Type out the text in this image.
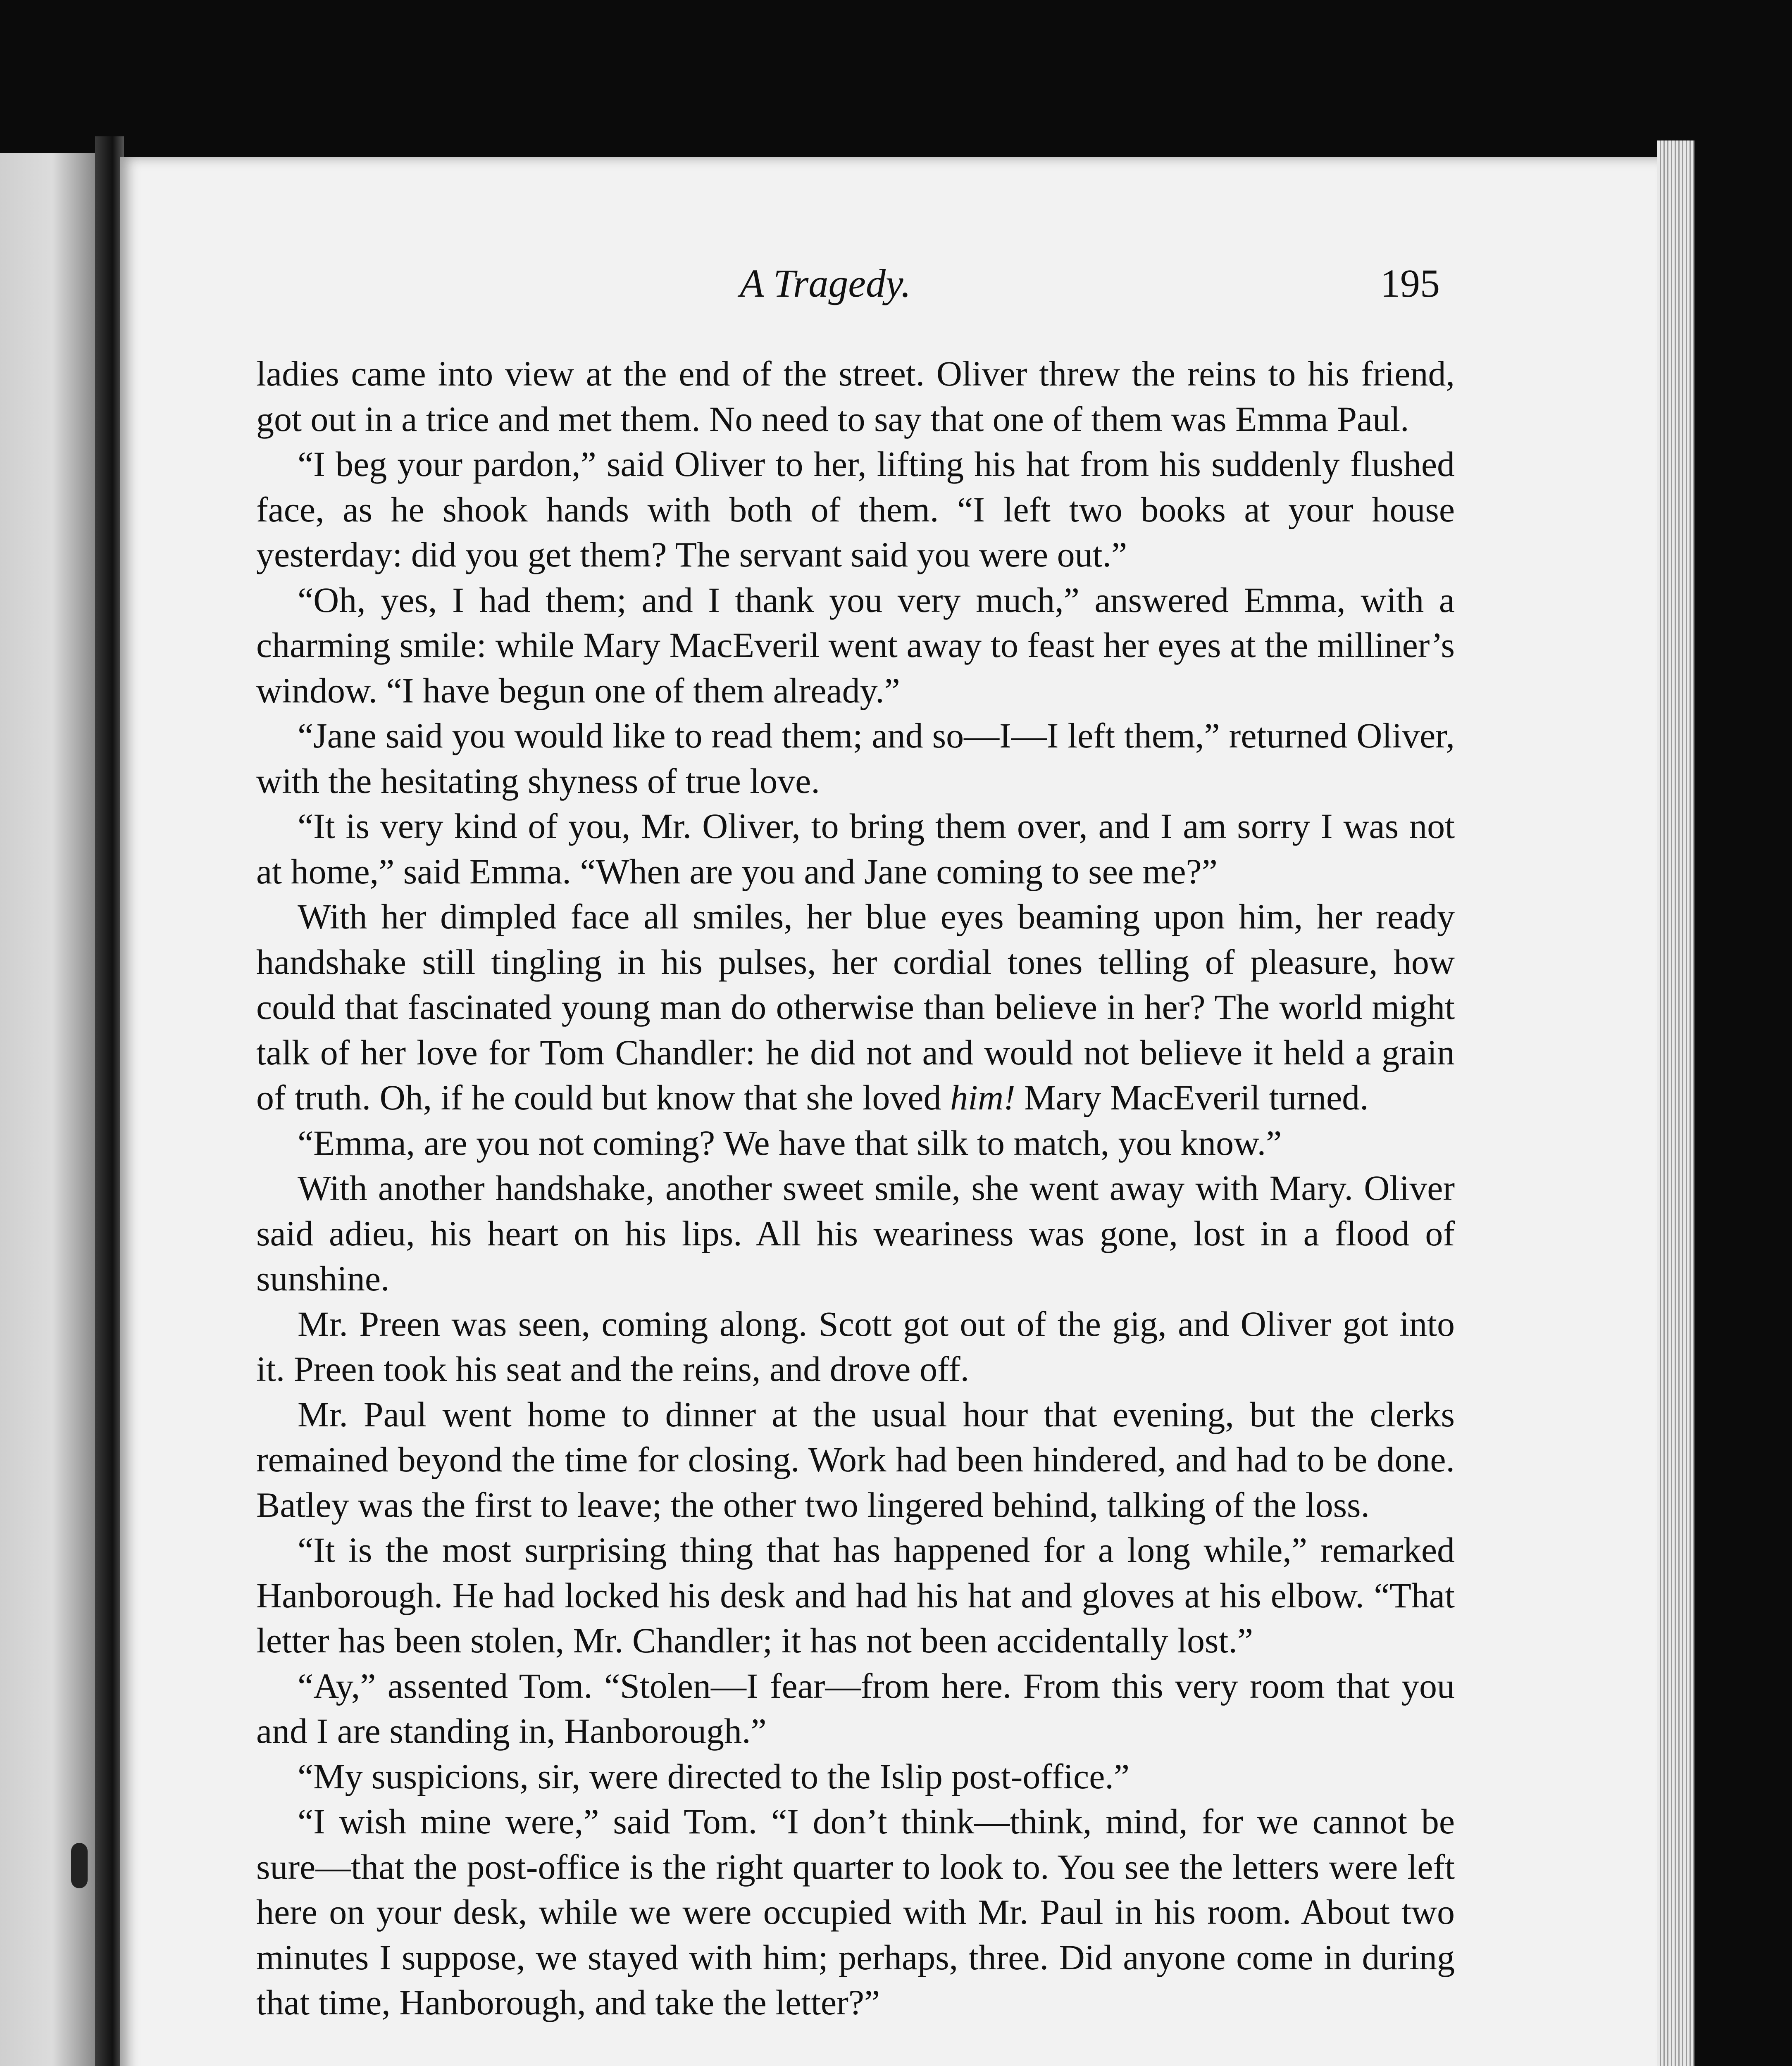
A Tragedy.	195

ladies came into view at the end of the street. Oliver threw the reins to his friend, got out in a trice and met them. No need to say that one of them was Emma Paul.

“I beg your pardon,” said Oliver to her, lifting his hat from his suddenly flushed face, as he shook hands with both of them. “I left two books at your house yesterday: did you get them? The servant said you were out.”

“Oh, yes, I had them; and I thank you very much,” answered Emma, with a charming smile: while Mary MacEveril went away to feast her eyes at the milliner’s window. “I have begun one of them already.”

“Jane said you would like to read them; and so—I—I left them,” returned Oliver, with the hesitating shyness of true love.

“It is very kind of you, Mr. Oliver, to bring them over, and I am sorry I was not at home,” said Emma. “When are you and Jane coming to see me?”

With her dimpled face all smiles, her blue eyes beaming upon him, her ready handshake still tingling in his pulses, her cordial tones telling of pleasure, how could that fascinated young man do otherwise than believe in her? The world might talk of her love for Tom Chandler: he did not and would not believe it held a grain of truth. Oh, if he could but know that she loved him! Mary MacEveril turned.

“Emma, are you not coming? We have that silk to match, you know.”

With another handshake, another sweet smile, she went away with Mary. Oliver said adieu, his heart on his lips. All his weariness was gone, lost in a flood of sunshine.

Mr. Preen was seen, coming along. Scott got out of the gig, and Oliver got into it. Preen took his seat and the reins, and drove off.

Mr. Paul went home to dinner at the usual hour that evening, but the clerks remained beyond the time for closing. Work had been hindered, and had to be done. Batley was the first to leave; the other two lingered behind, talking of the loss.

“It is the most surprising thing that has happened for a long while,” remarked Hanborough. He had locked his desk and had his hat and gloves at his elbow. “That letter has been stolen, Mr. Chandler; it has not been accidentally lost.”

“Ay,” assented Tom. “Stolen—I fear—from here. From this very room that you and I are standing in, Hanborough.”

“My suspicions, sir, were directed to the Islip post-office.”

“I wish mine were,” said Tom. “I don’t think—think, mind, for we cannot be sure—that the post-office is the right quarter to look to. You see the letters were left here on your desk, while we were occupied with Mr. Paul in his room. About two minutes I suppose, we stayed with him; perhaps, three. Did anyone come in during that time, Hanborough, and take the letter?”
